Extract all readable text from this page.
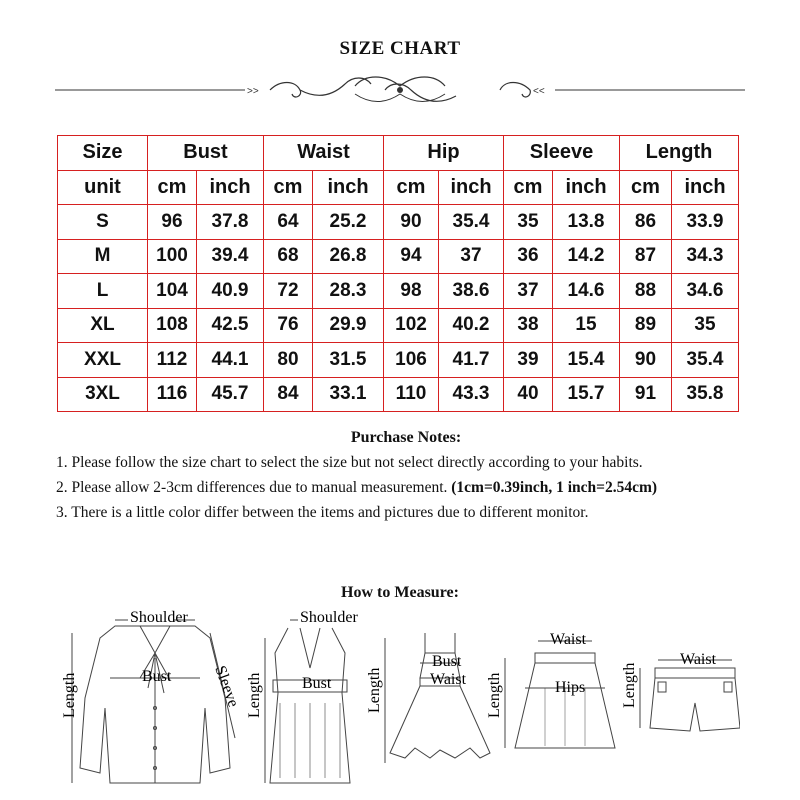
SIZE CHART
>>	<<
Size	Bust		Waist		Hip		Sleeve		Length	
unit	cm	inch	cm	inch	cm	inch	cm	inch	cm	inch
S	96	37.8	64	25.2	90	35.4	35	13.8	86	33.9
M	100	39.4	68	26.8	94	37	36	14.2	87	34.3
L	104	40.9	72	28.3	98	38.6	37	14.6	88	34.6
XL	108	42.5	76	29.9	102	40.2	38	15	89	35
XXL	112	44.1	80	31.5	106	41.7	39	15.4	90	35.4
3XL	116	45.7	84	33.1	110	43.3	40	15.7	91	35.8
Purchase Notes:

1. Please follow the size chart to select the size but not select directly according to your habits.

2. Please allow 2-3cm differences due to manual measurement. (1cm=0.39inch, 1 inch=2.54cm)

3. There is a little color differ between the items and pictures due to different monitor.

How to Measure:
Shoulder
Bust
Length	Sleeve
Shoulder
Bust
Length
Bust
Waist
Length
Waist
Hips
Length
Waist
Length
